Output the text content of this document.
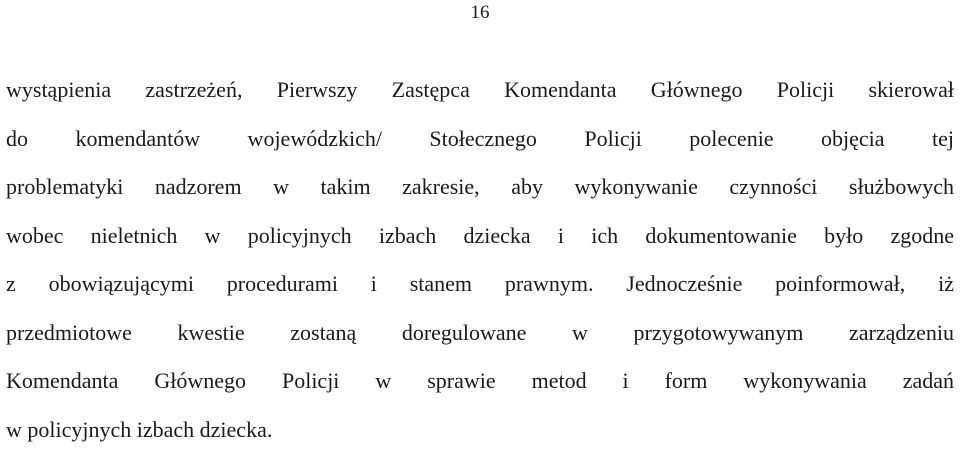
16
wystąpienia zastrzeżeń, Pierwszy Zastępca Komendanta Głównego Policji skierował
do komendantów wojewódzkich/ Stołecznego Policji polecenie objęcia tej
problematyki nadzorem w takim zakresie, aby wykonywanie czynności służbowych
wobec nieletnich w policyjnych izbach dziecka i ich dokumentowanie było zgodne
z obowiązującymi procedurami i stanem prawnym. Jednocześnie poinformował, iż
przedmiotowe kwestie zostaną doregulowane w przygotowywanym zarządzeniu
Komendanta Głównego Policji w sprawie metod i form wykonywania zadań
w policyjnych izbach dziecka.
